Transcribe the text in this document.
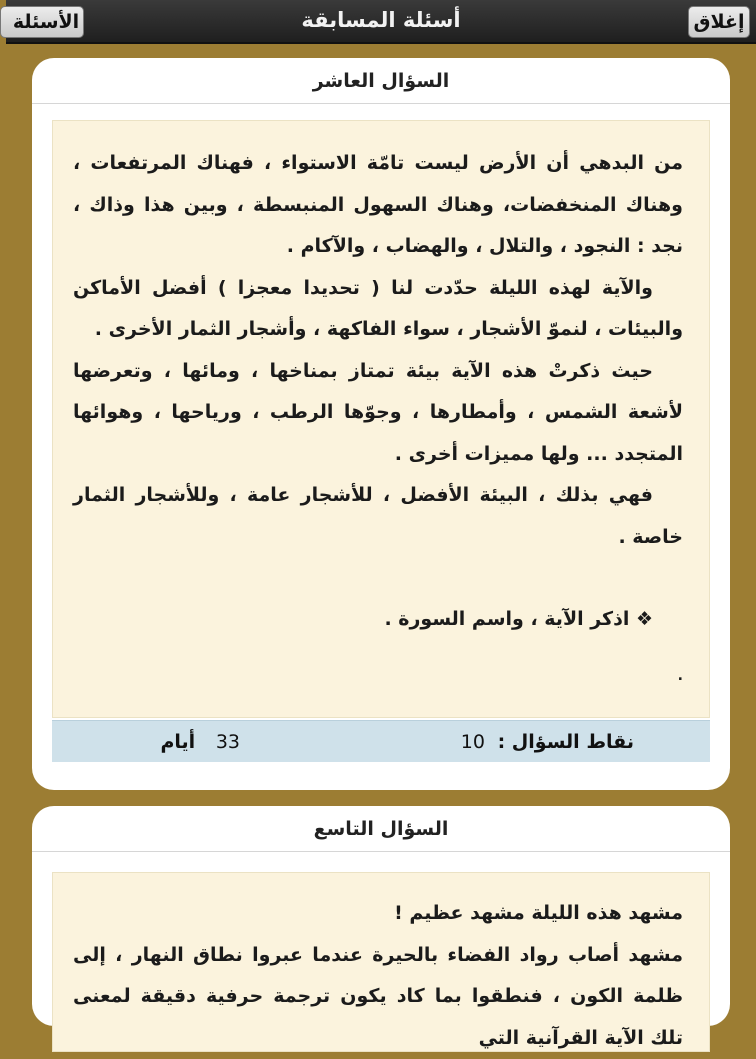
الأسئلة	أسئلة المسابقة	إغلاق
السؤال العاشر

من البدهي أن الأرض ليست تامّة الاستواء ، فهناك المرتفعات ، وهناك المنخفضات، وهناك السهول المنبسطة ، وبين هذا وذاك ، نجد : النجود ، والتلال ، والهضاب ، والآكام .

والآية لهذه الليلة حدّدت لنا ( تحديدا معجزا ) أفضل الأماكن والبيئات ، لنموّ الأشجار ، سواء الفاكهة ، وأشجار الثمار الأخرى .

حيث ذكرتْ هذه الآية بيئة تمتاز بمناخها ، ومائها ، وتعرضها لأشعة الشمس ، وأمطارها ، وجوّها الرطب ، ورياحها ، وهوائها المتجدد ... ولها مميزات أخرى .

فهي بذلك ، البيئة الأفضل ، للأشجار عامة ، وللأشجار الثمار خاصة .

❖ اذكر الآية ، واسم السورة .

.

نقاط السؤال : 10
33 أيام
السؤال التاسع

مشهد هذه الليلة مشهد عظيم !

مشهد أصاب رواد الفضاء بالحيرة عندما عبروا نطاق النهار ، إلى ظلمة الكون ، فنطقوا بما كاد يكون ترجمة حرفية دقيقة لمعنى تلك الآية القرآنية التي
